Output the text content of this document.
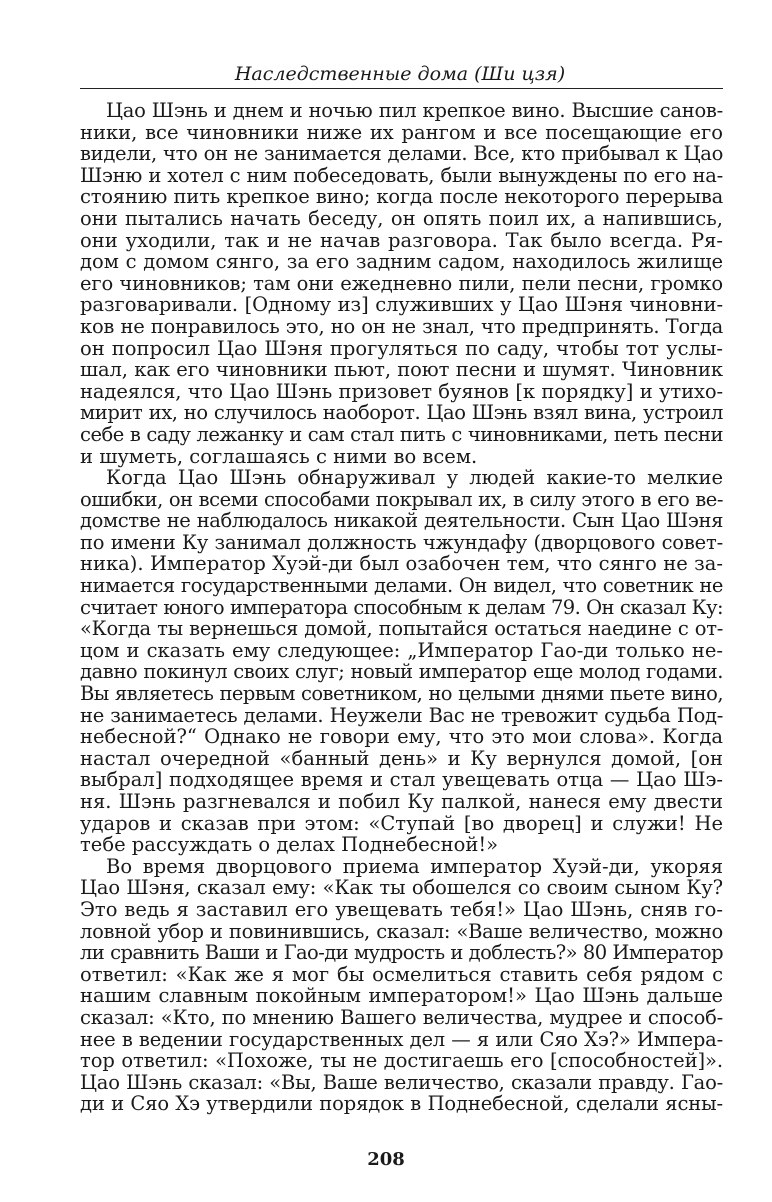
Наследственные дома (Ши цзя)
Цао Шэнь и днем и ночью пил крепкое вино. Высшие санов-
ники, все чиновники ниже их рангом и все посещающие его
видели, что он не занимается делами. Все, кто прибывал к Цао
Шэню и хотел с ним побеседовать, были вынуждены по его на-
стоянию пить крепкое вино; когда после некоторого перерыва
они пытались начать беседу, он опять поил их, а напившись,
они уходили, так и не начав разговора. Так было всегда. Ря-
дом с домом сянго, за его задним садом, находилось жилище
его чиновников; там они ежедневно пили, пели песни, громко
разговаривали. [Одному из] служивших у Цао Шэня чиновни-
ков не понравилось это, но он не знал, что предпринять. Тогда
он попросил Цао Шэня прогуляться по саду, чтобы тот услы-
шал, как его чиновники пьют, поют песни и шумят. Чиновник
надеялся, что Цао Шэнь призовет буянов [к порядку] и утихо-
мирит их, но случилось наоборот. Цао Шэнь взял вина, устроил
себе в саду лежанку и сам стал пить с чиновниками, петь песни
и шуметь, соглашаясь с ними во всем.
Когда Цао Шэнь обнаруживал у людей какие-то мелкие
ошибки, он всеми способами покрывал их, в силу этого в его ве-
домстве не наблюдалось никакой деятельности. Сын Цао Шэня
по имени Ку занимал должность чжундафу (дворцового совет-
ника). Император Хуэй-ди был озабочен тем, что сянго не за-
нимается государственными делами. Он видел, что советник не
считает юного императора способным к делам 79. Он сказал Ку:
«Когда ты вернешься домой, попытайся остаться наедине с от-
цом и сказать ему следующее: „Император Гао-ди только не-
давно покинул своих слуг; новый император еще молод годами.
Вы являетесь первым советником, но целыми днями пьете вино,
не занимаетесь делами. Неужели Вас не тревожит судьба Под-
небесной?“ Однако не говори ему, что это мои слова». Когда
настал очередной «банный день» и Ку вернулся домой, [он
выбрал] подходящее время и стал увещевать отца — Цао Шэ-
ня. Шэнь разгневался и побил Ку палкой, нанеся ему двести
ударов и сказав при этом: «Ступай [во дворец] и служи! Не
тебе рассуждать о делах Поднебесной!»
Во время дворцового приема император Хуэй-ди, укоряя
Цао Шэня, сказал ему: «Как ты обошелся со своим сыном Ку?
Это ведь я заставил его увещевать тебя!» Цао Шэнь, сняв го-
ловной убор и повинившись, сказал: «Ваше величество, можно
ли сравнить Ваши и Гао-ди мудрость и доблесть?» 80 Император
ответил: «Как же я мог бы осмелиться ставить себя рядом с
нашим славным покойным императором!» Цао Шэнь дальше
сказал: «Кто, по мнению Вашего величества, мудрее и способ-
нее в ведении государственных дел — я или Сяо Хэ?» Импера-
тор ответил: «Похоже, ты не достигаешь его [способностей]».
Цао Шэнь сказал: «Вы, Ваше величество, сказали правду. Гао-
ди и Сяо Хэ утвердили порядок в Поднебесной, сделали ясны-
208
